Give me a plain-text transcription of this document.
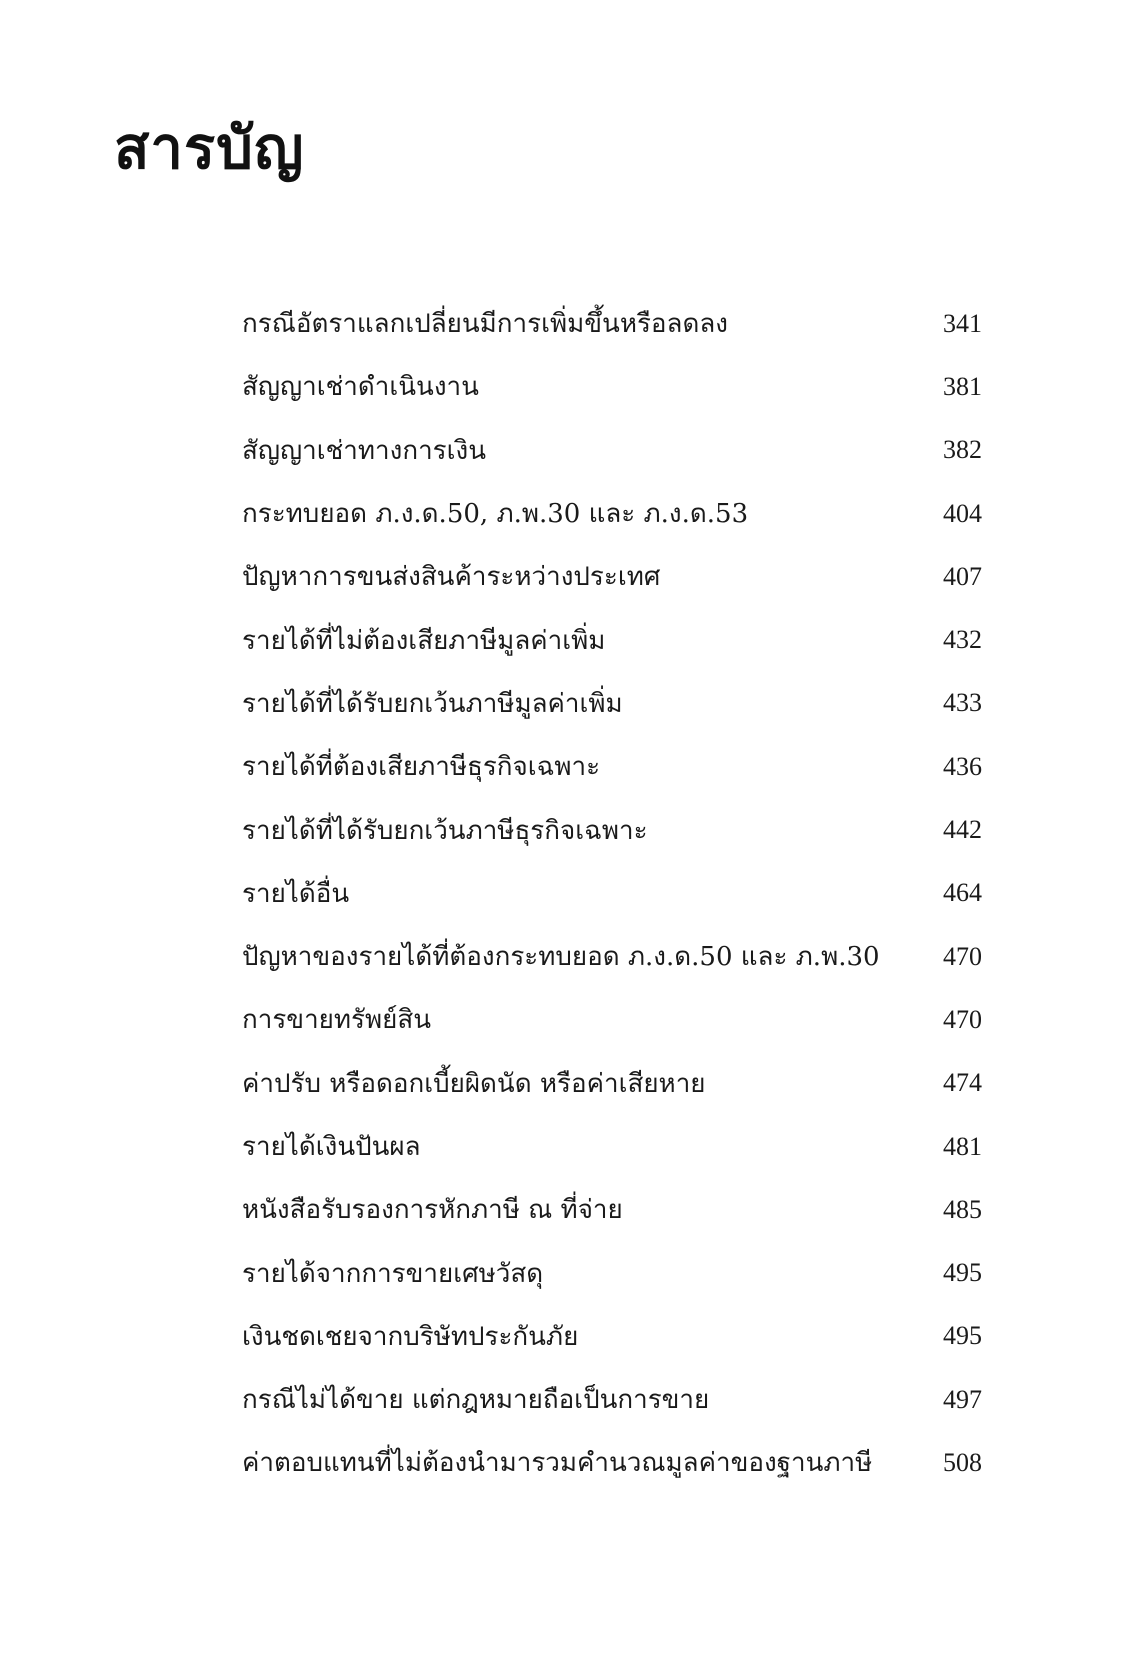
สารบัญ
กรณีอัตราแลกเปลี่ยนมีการเพิ่มขึ้นหรือลดลง	341
สัญญาเช่าดำเนินงาน	381
สัญญาเช่าทางการเงิน	382
กระทบยอด ภ.ง.ด.50, ภ.พ.30 และ ภ.ง.ด.53	404
ปัญหาการขนส่งสินค้าระหว่างประเทศ	407
รายได้ที่ไม่ต้องเสียภาษีมูลค่าเพิ่ม	432
รายได้ที่ได้รับยกเว้นภาษีมูลค่าเพิ่ม	433
รายได้ที่ต้องเสียภาษีธุรกิจเฉพาะ	436
รายได้ที่ได้รับยกเว้นภาษีธุรกิจเฉพาะ	442
รายได้อื่น	464
ปัญหาของรายได้ที่ต้องกระทบยอด ภ.ง.ด.50 และ ภ.พ.30	470
การขายทรัพย์สิน	470
ค่าปรับ หรือดอกเบี้ยผิดนัด หรือค่าเสียหาย	474
รายได้เงินปันผล	481
หนังสือรับรองการหักภาษี ณ ที่จ่าย	485
รายได้จากการขายเศษวัสดุ	495
เงินชดเชยจากบริษัทประกันภัย	495
กรณีไม่ได้ขาย แต่กฎหมายถือเป็นการขาย	497
ค่าตอบแทนที่ไม่ต้องนำมารวมคำนวณมูลค่าของฐานภาษี	508
